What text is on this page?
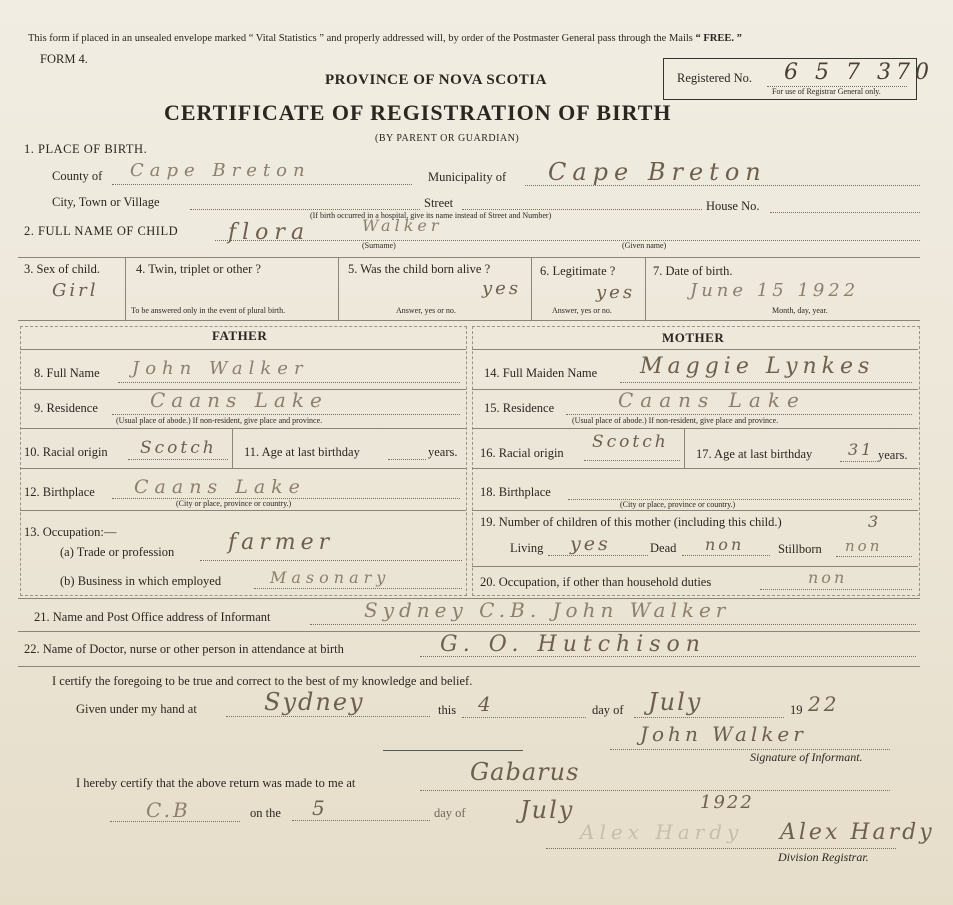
This form if placed in an unsealed envelope marked “ Vital Statistics ” and properly addressed will, by order of the Postmaster General pass through the Mails “ FREE. ”
FORM 4.
PROVINCE OF NOVA SCOTIA
CERTIFICATE OF REGISTRATION OF BIRTH
(BY PARENT OR GUARDIAN)
Registered No. 6 5 7 370
For use of Registrar General only.
1. PLACE OF BIRTH.
County of Cape Breton	Municipality of Cape Breton
City, Town or Village	Street
(If birth occurred in a hospital, give its name instead of Street and Number)
House No.
2. FULL NAME OF CHILD flora	Walker
(Surname)	(Given name)
3. Sex of child.
Girl
4. Twin, triplet or other ?
To be answered only in the event of plural birth.
5. Was the child born alive ?
yes
Answer, yes or no.
6. Legitimate ?
yes
Answer, yes or no.
7. Date of birth.
June 15 1922
Month, day, year.
FATHER	MOTHER
8. Full Name John Walker
9. Residence	Caans Lake
(Usual place of abode.) If non-resident, give place and province.
10. Racial origin Scotch 11. Age at last birthday	years.
12. Birthplace Caans Lake
(City or place, province or country.)
13. Occupation:—
(a) Trade or profession farmer
(b) Business in which employed	Masonary
14. Full Maiden Name Maggie Lynkes
15. Residence	Caans Lake
(Usual place of abode.) If non-resident, give place and province.
16. Racial origin
Scotch
17. Age at last birthday 31 years.
18. Birthplace
(City or place, province or country.)
19. Number of children of this mother (including this child.)	3
Living yes	Dead non	Stillborn non
20. Occupation, if other than household duties	non
21. Name and Post Office address of Informant	Sydney C.B. John Walker
22. Name of Doctor, nurse or other person in attendance at birth	G. O. Hutchison
I certify the foregoing to be true and correct to the best of my knowledge and belief.
Given under my hand at	Sydney	this 4	day of July	19 22
John Walker
Signature of Informant.
I hereby certify that the above return was made to me at	Gabarus
C.B	on the 5	day of July	1922
Alex Hardy Alex Hardy
Division Registrar.
